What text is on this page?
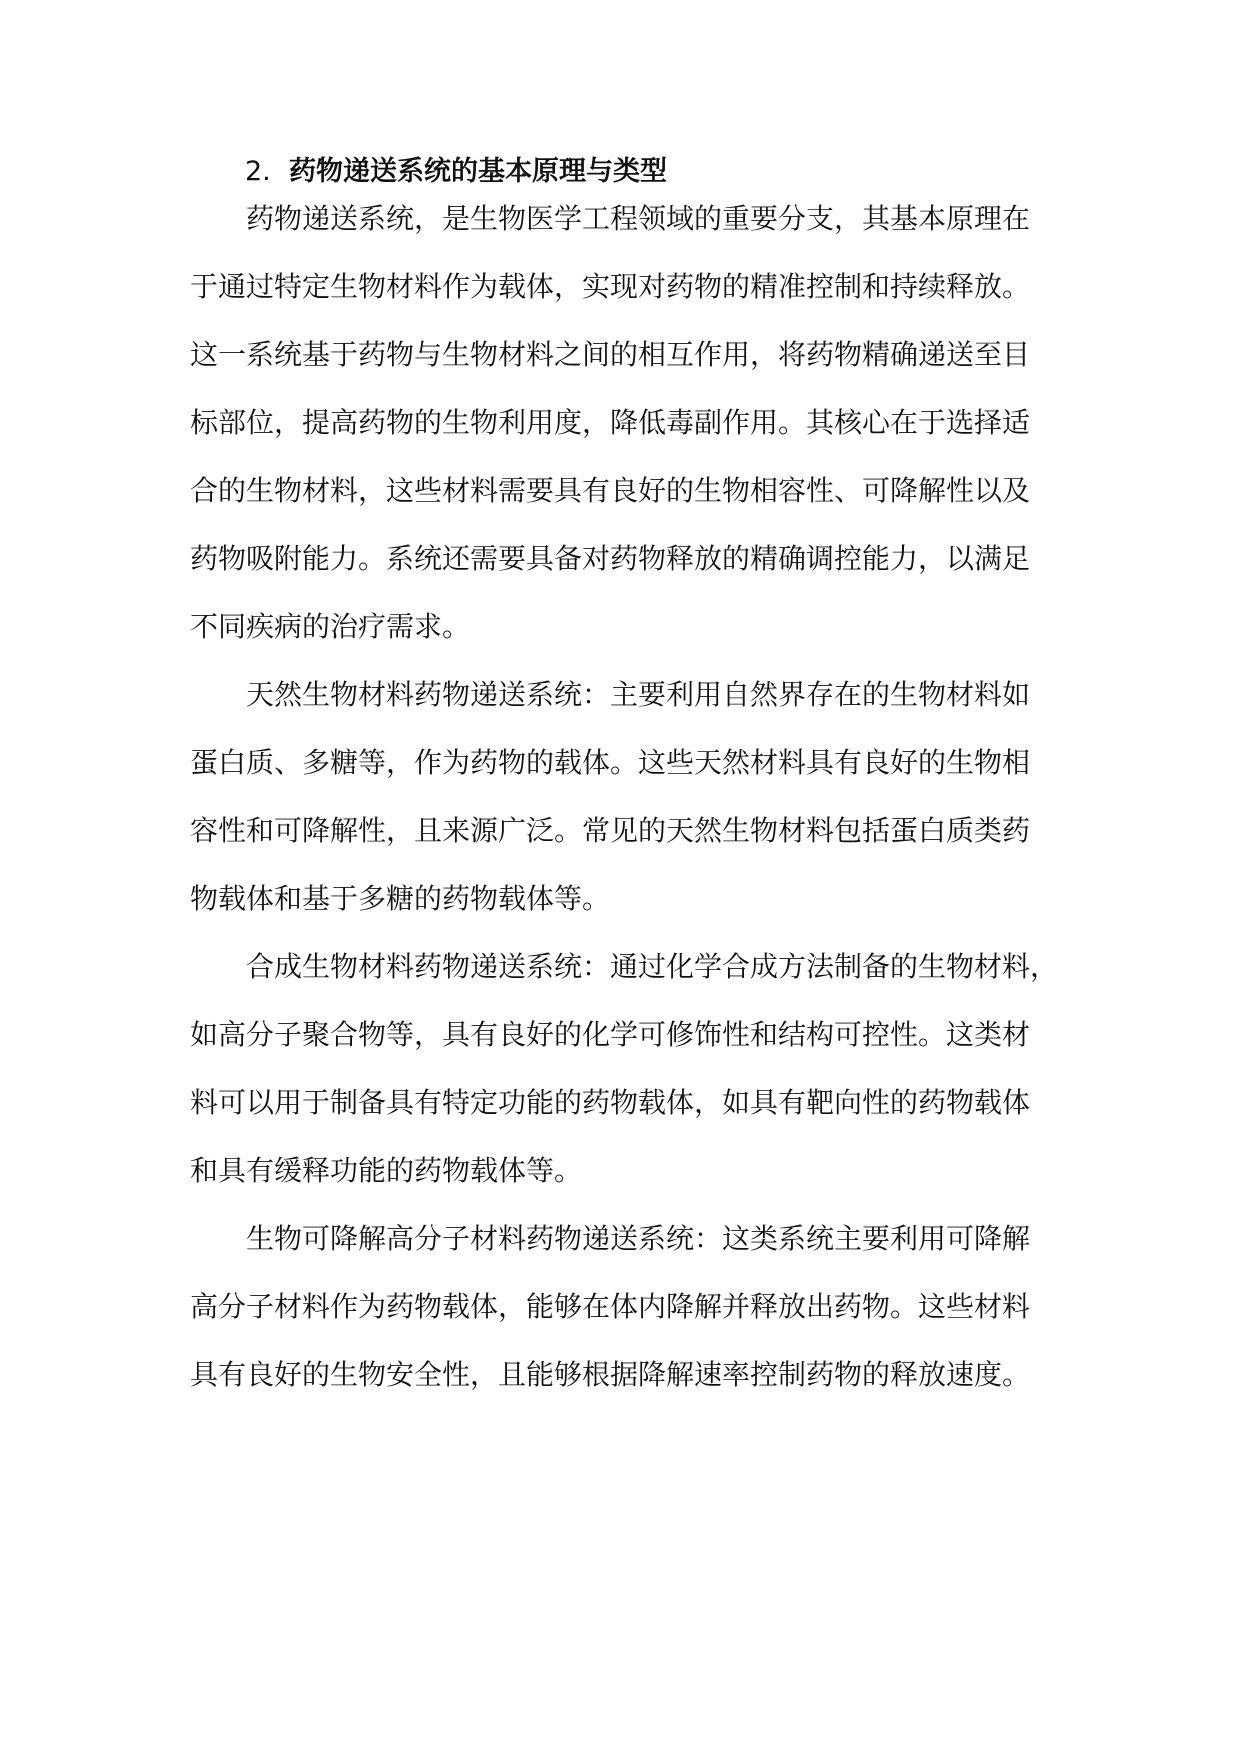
2. 药物递送系统的基本原理与类型
药物递送系统，是生物医学工程领域的重要分支，其基本原理在
于通过特定生物材料作为载体，实现对药物的精准控制和持续释放。
这一系统基于药物与生物材料之间的相互作用，将药物精确递送至目
标部位，提高药物的生物利用度，降低毒副作用。其核心在于选择适
合的生物材料，这些材料需要具有良好的生物相容性、可降解性以及
药物吸附能力。系统还需要具备对药物释放的精确调控能力，以满足
不同疾病的治疗需求。
天然生物材料药物递送系统：主要利用自然界存在的生物材料如
蛋白质、多糖等，作为药物的载体。这些天然材料具有良好的生物相
容性和可降解性，且来源广泛。常见的天然生物材料包括蛋白质类药
物载体和基于多糖的药物载体等。
合成生物材料药物递送系统：通过化学合成方法制备的生物材料，
如高分子聚合物等，具有良好的化学可修饰性和结构可控性。这类材
料可以用于制备具有特定功能的药物载体，如具有靶向性的药物载体
和具有缓释功能的药物载体等。
生物可降解高分子材料药物递送系统：这类系统主要利用可降解
高分子材料作为药物载体，能够在体内降解并释放出药物。这些材料
具有良好的生物安全性，且能够根据降解速率控制药物的释放速度。
